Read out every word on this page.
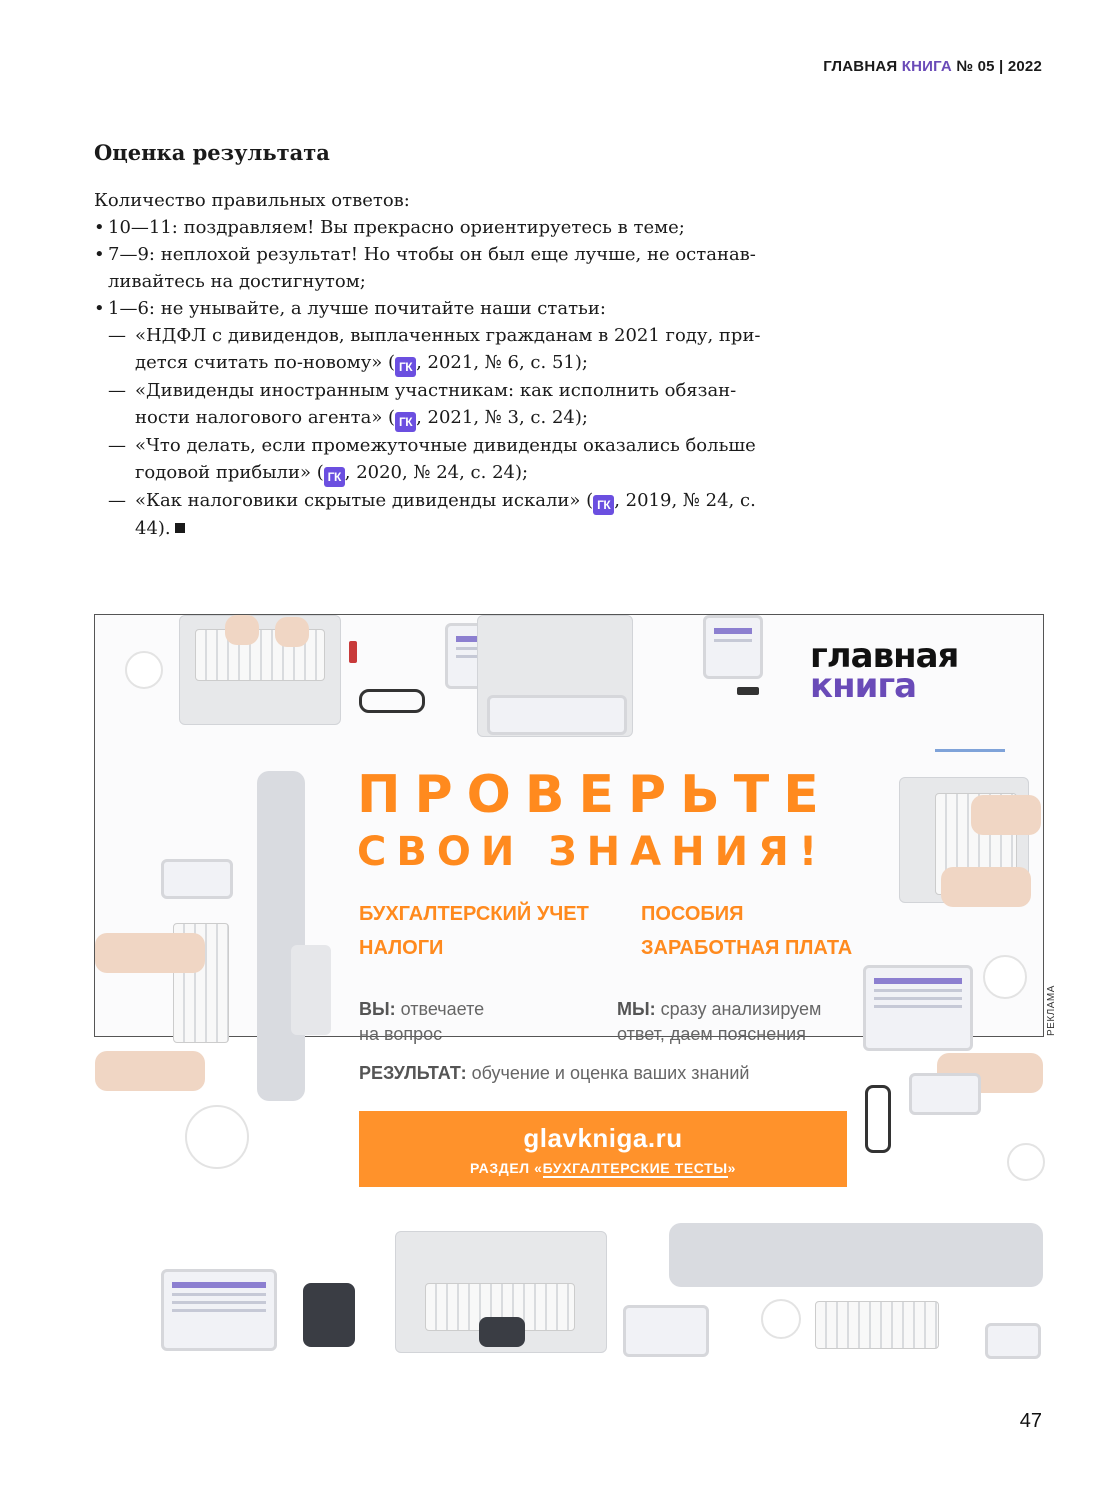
ГЛАВНАЯ КНИГА № 05 | 2022
Оценка результата

Количество правильных ответов:

• 10—11: поздравляем! Вы прекрасно ориентируетесь в теме;
• 7—9: неплохой результат! Но чтобы он был еще лучше, не останав-ливайтесь на достигнутом;
• 1—6: не унывайте, а лучше почитайте наши статьи:
— «НДФЛ с дивидендов, выплаченных гражданам в 2021 году, при-дется считать по-новому» ( ГК , 2021, № 6, с. 51);
— «Дивиденды иностранным участникам: как исполнить обязан-ности налогового агента» ( ГК , 2021, № 3, с. 24);
— «Что делать, если промежуточные дивиденды оказались больше годовой прибыли» ( ГК , 2020, № 24, с. 24);
— «Как налоговики скрытые дивиденды искали» ( ГК , 2019, № 24, с. 44).
главная
книга
ПРОВЕРЬТЕ
СВОИ ЗНАНИЯ!
БУХГАЛТЕРСКИЙ УЧЕТ	ПОСОБИЯ
НАЛОГИ	ЗАРАБОТНАЯ ПЛАТА
ВЫ: отвечаете
на вопрос
МЫ: сразу анализируем
ответ, даем пояснения
РЕЗУЛЬТАТ: обучение и оценка ваших знаний
glavkniga.ru
РАЗДЕЛ «БУХГАЛТЕРСКИЕ ТЕСТЫ»
РЕКЛАМА
47
